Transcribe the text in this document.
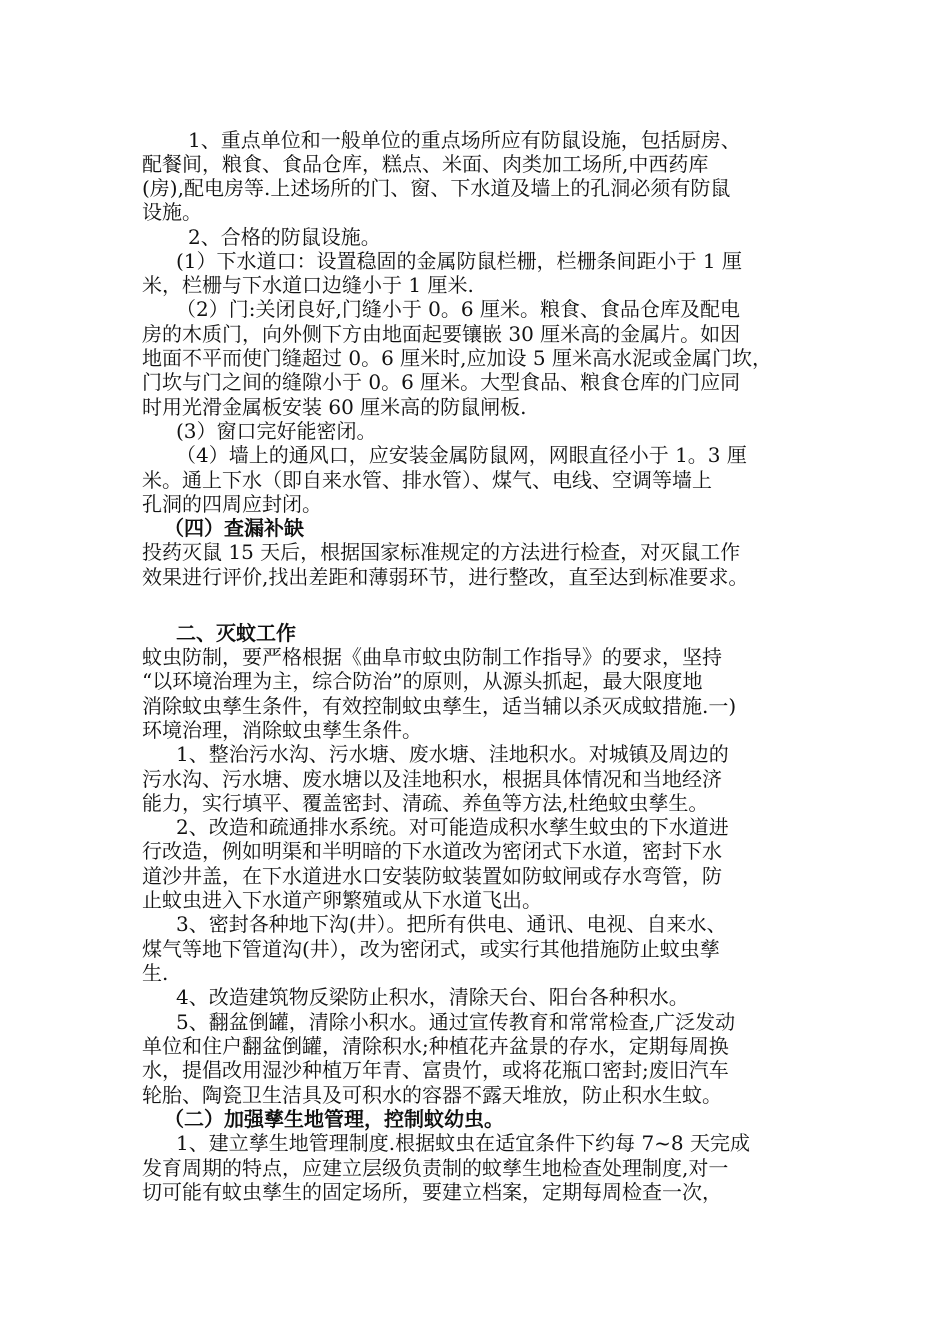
1、重点单位和一般单位的重点场所应有防鼠设施，包括厨房、
配餐间，粮食、食品仓库，糕点、米面、肉类加工场所,中西药库
(房),配电房等.上述场所的门、窗、下水道及墙上的孔洞必须有防鼠
设施。
2、合格的防鼠设施。
(1）下水道口：设置稳固的金属防鼠栏栅，栏栅条间距小于 1 厘
米，栏栅与下水道口边缝小于 1 厘米.
（2）门:关闭良好,门缝小于 0。6 厘米。粮食、食品仓库及配电
房的木质门，向外侧下方由地面起要镶嵌 30 厘米高的金属片。如因
地面不平而使门缝超过 0。6 厘米时,应加设 5 厘米高水泥或金属门坎，
门坎与门之间的缝隙小于 0。6 厘米。大型食品、粮食仓库的门应同
时用光滑金属板安装 60 厘米高的防鼠闸板.
(3）窗口完好能密闭。
（4）墙上的通风口，应安装金属防鼠网，网眼直径小于 1。3 厘
米。通上下水（即自来水管、排水管）、煤气、电线、空调等墙上
孔洞的四周应封闭。
（四）查漏补缺
投药灭鼠 15 天后，根据国家标准规定的方法进行检查，对灭鼠工作
效果进行评价,找出差距和薄弱环节，进行整改，直至达到标准要求。
二、灭蚊工作
蚊虫防制，要严格根据《曲阜市蚊虫防制工作指导》的要求，坚持
“以环境治理为主，综合防治”的原则，从源头抓起，最大限度地
消除蚊虫孳生条件，有效控制蚊虫孳生，适当辅以杀灭成蚊措施.一)
环境治理，消除蚊虫孳生条件。
1、整治污水沟、污水塘、废水塘、洼地积水。对城镇及周边的
污水沟、污水塘、废水塘以及洼地积水，根据具体情况和当地经济
能力，实行填平、覆盖密封、清疏、养鱼等方法,杜绝蚊虫孳生。
2、改造和疏通排水系统。对可能造成积水孳生蚊虫的下水道进
行改造，例如明渠和半明暗的下水道改为密闭式下水道，密封下水
道沙井盖，在下水道进水口安装防蚊装置如防蚊闸或存水弯管，防
止蚊虫进入下水道产卵繁殖或从下水道飞出。
3、密封各种地下沟(井）。把所有供电、通讯、电视、自来水、
煤气等地下管道沟(井），改为密闭式，或实行其他措施防止蚊虫孳
生.
4、改造建筑物反梁防止积水，清除天台、阳台各种积水。
5、翻盆倒罐，清除小积水。通过宣传教育和常常检查,广泛发动
单位和住户翻盆倒罐，清除积水;种植花卉盆景的存水，定期每周换
水，提倡改用湿沙种植万年青、富贵竹，或将花瓶口密封;废旧汽车
轮胎、陶瓷卫生洁具及可积水的容器不露天堆放，防止积水生蚊。
（二）加强孳生地管理，控制蚊幼虫。
1、建立孳生地管理制度.根据蚊虫在适宜条件下约每 7~8 天完成
发育周期的特点，应建立层级负责制的蚊孳生地检查处理制度,对一
切可能有蚊虫孳生的固定场所，要建立档案，定期每周检查一次，
